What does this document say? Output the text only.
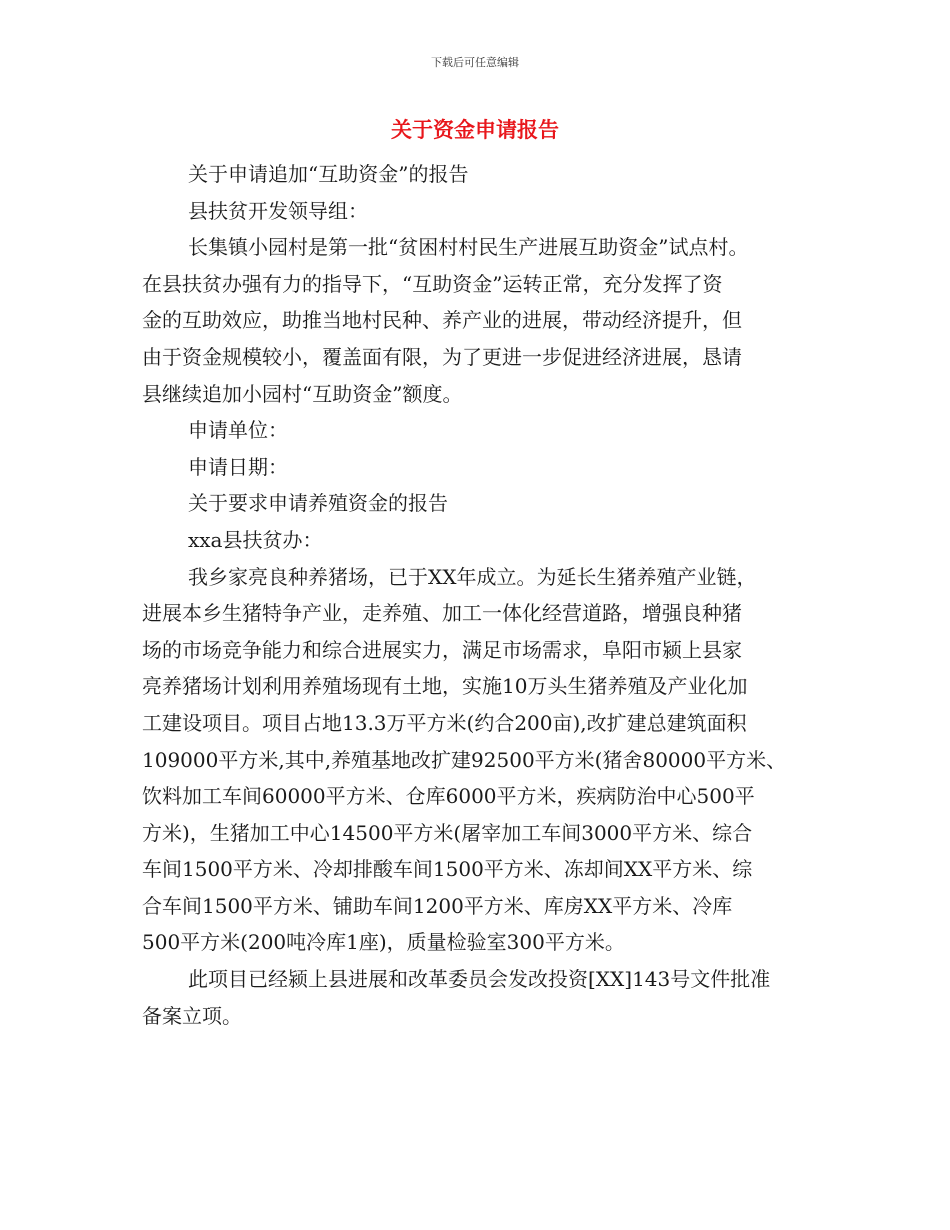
下载后可任意编辑
关于资金申请报告
关于申请追加“互助资金”的报告
县扶贫开发领导组：
长集镇小园村是第一批“贫困村村民生产进展互助资金”试点村。
在县扶贫办强有力的指导下，“互助资金”运转正常，充分发挥了资
金的互助效应，助推当地村民种、养产业的进展，带动经济提升，但
由于资金规模较小，覆盖面有限，为了更进一步促进经济进展，恳请
县继续追加小园村“互助资金”额度。
申请单位：
申请日期：
关于要求申请养殖资金的报告
xxa县扶贫办：
我乡家亮良种养猪场，已于XX年成立。为延长生猪养殖产业链，
进展本乡生猪特争产业，走养殖、加工一体化经营道路，增强良种猪
场的市场竞争能力和综合进展实力，满足市场需求，阜阳市颍上县家
亮养猪场计划利用养殖场现有土地，实施10万头生猪养殖及产业化加
工建设项目。项目占地13.3万平方米(约合200亩),改扩建总建筑面积
109000平方米,其中,养殖基地改扩建92500平方米(猪舍80000平方米、
饮料加工车间60000平方米、仓库6000平方米，疾病防治中心500平
方米)，生猪加工中心14500平方米(屠宰加工车间3000平方米、综合
车间1500平方米、冷却排酸车间1500平方米、冻却间XX平方米、综
合车间1500平方米、铺助车间1200平方米、库房XX平方米、冷库
500平方米(200吨冷库1座)，质量检验室300平方米。
此项目已经颍上县进展和改革委员会发改投资[XX]143号文件批准
备案立项。
